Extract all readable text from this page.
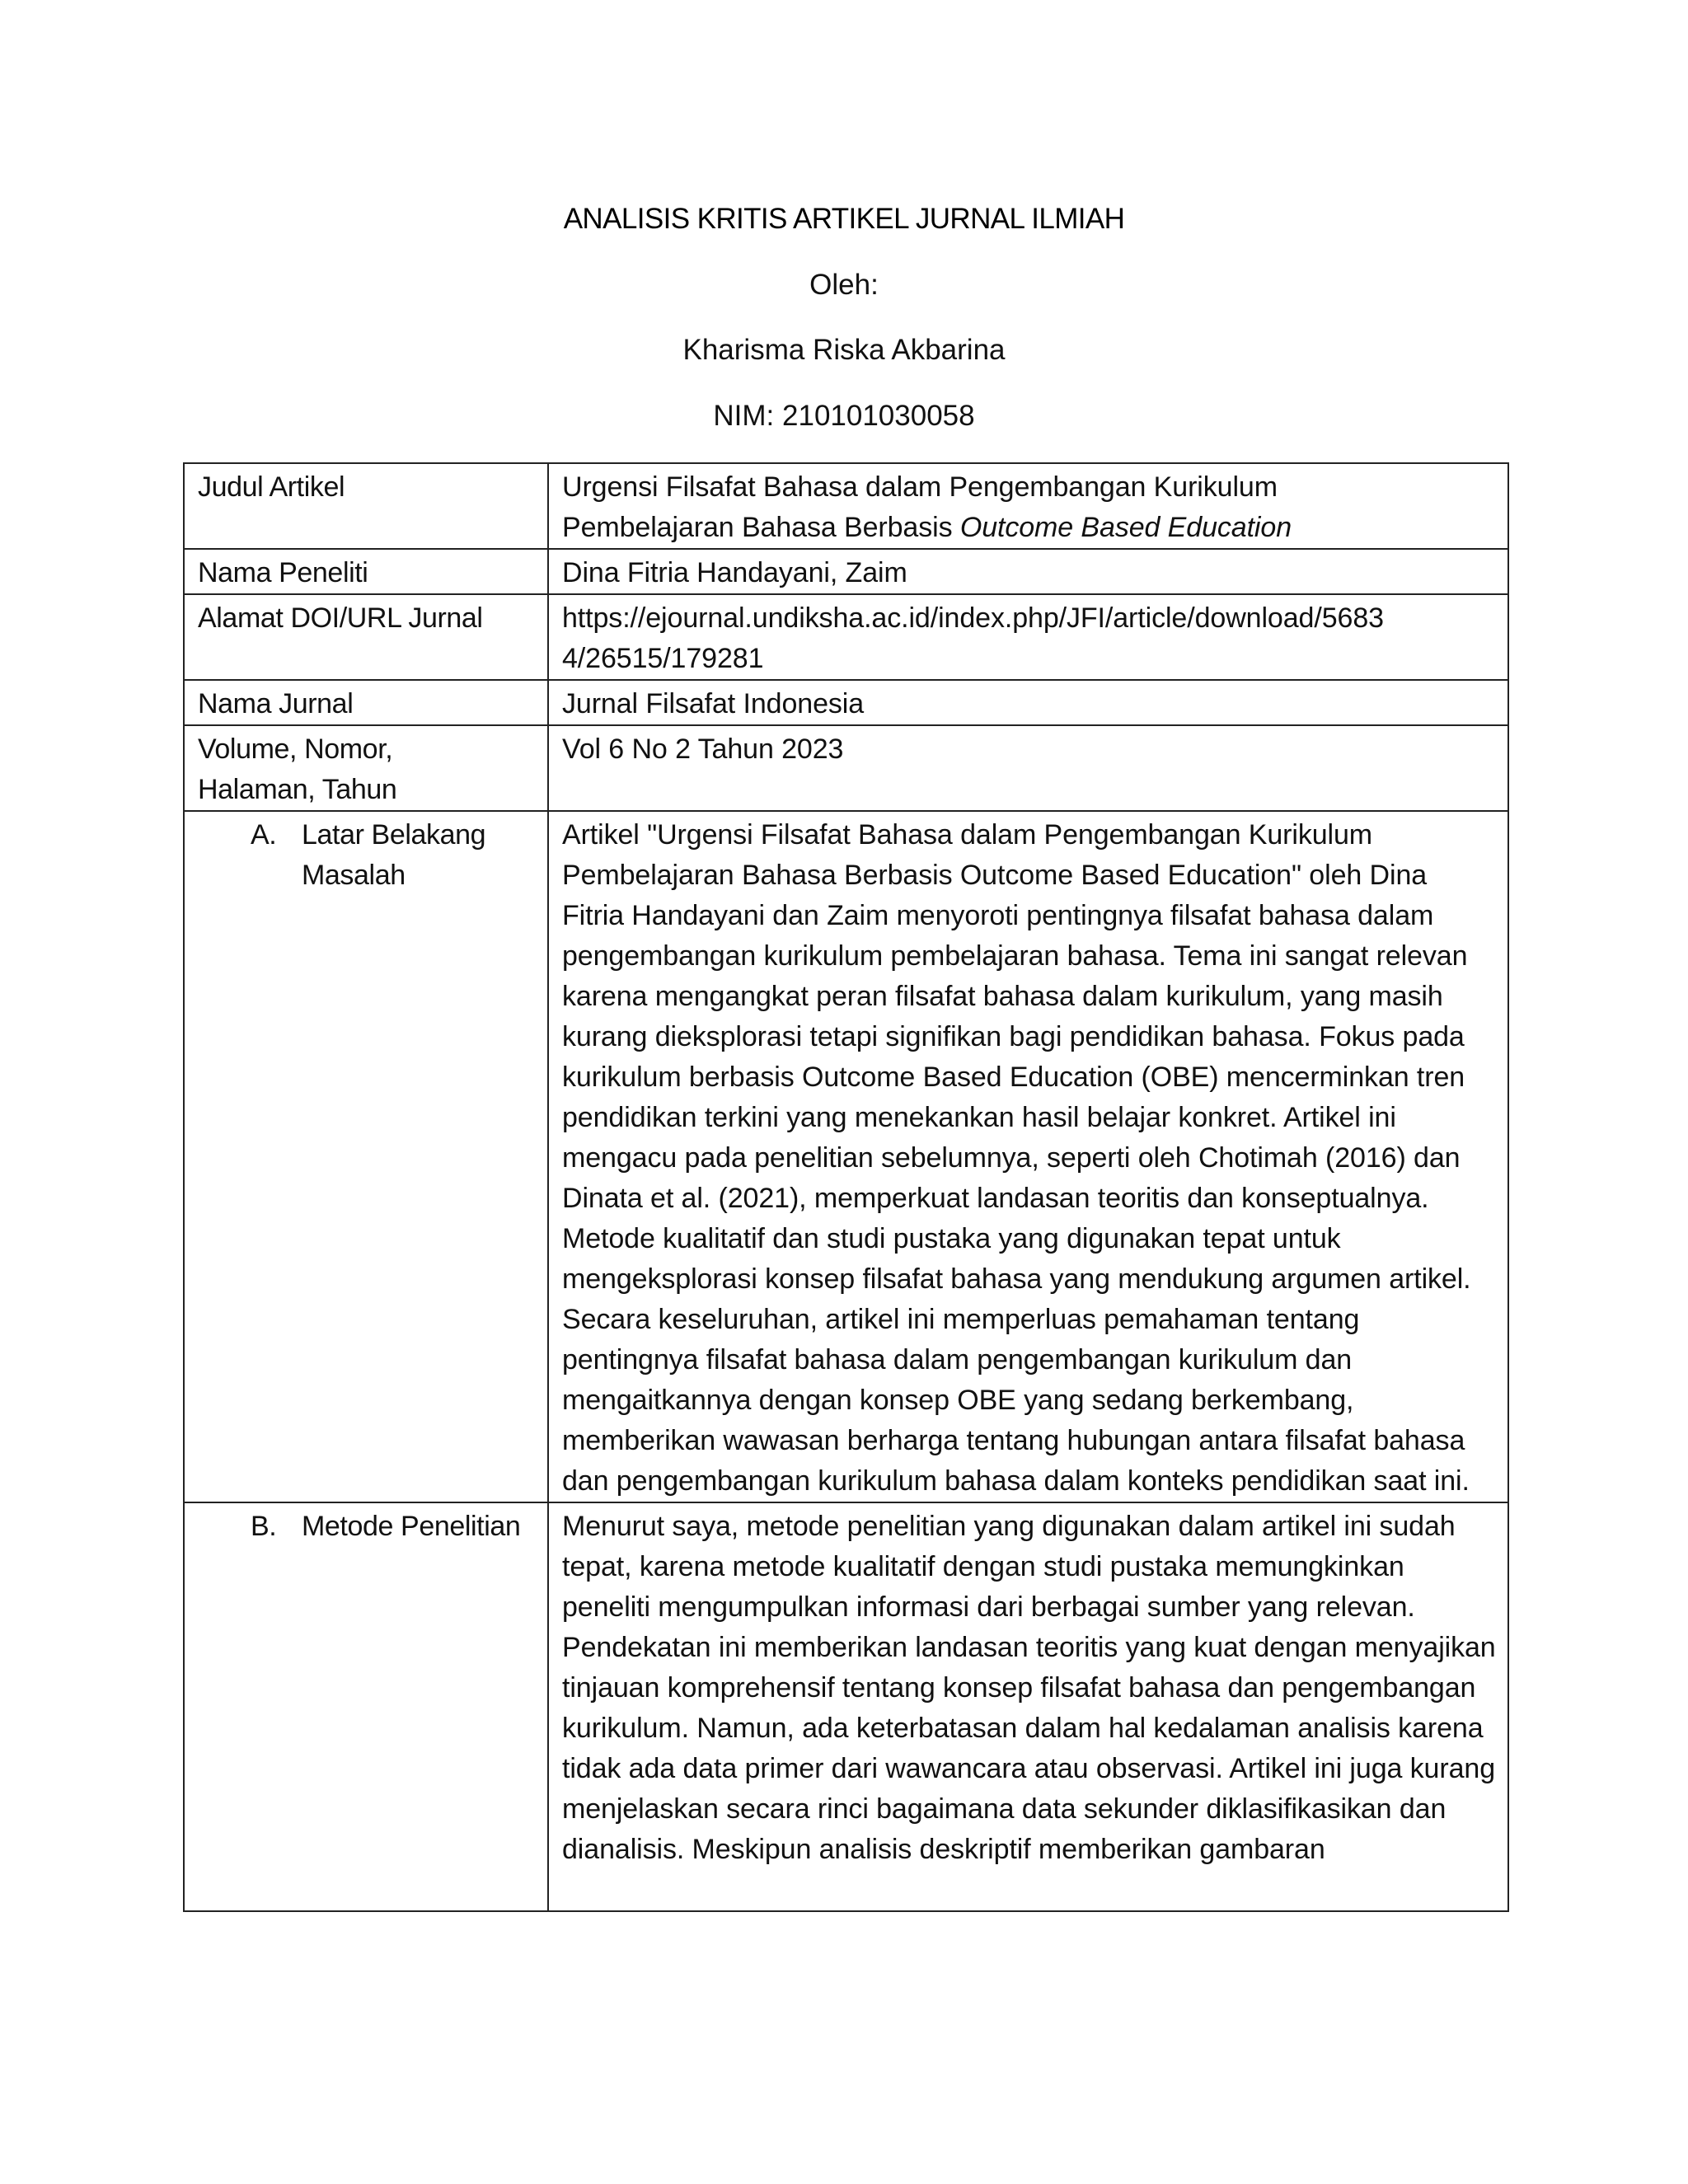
ANALISIS KRITIS ARTIKEL JURNAL ILMIAH
Oleh:
Kharisma Riska Akbarina
NIM: 210101030058
Judul Artikel	Urgensi Filsafat Bahasa dalam Pengembangan Kurikulum
Pembelajaran Bahasa Berbasis Outcome Based Education

Nama Peneliti	Dina Fitria Handayani, Zaim
Alamat DOI/URL Jurnal	https://ejournal.undiksha.ac.id/index.php/JFI/article/download/5683
4/26515/179281

Nama Jurnal	Jurnal Filsafat Indonesia

Volume, Nomor,
Halaman, Tahun	Vol 6 No 2 Tahun 2023

A. Latar Belakang Masalah	Artikel "Urgensi Filsafat Bahasa dalam Pengembangan Kurikulum Pembelajaran Bahasa Berbasis Outcome Based Education" oleh Dina Fitria Handayani dan Zaim menyoroti pentingnya filsafat bahasa dalam pengembangan kurikulum pembelajaran bahasa. Tema ini sangat relevan karena mengangkat peran filsafat bahasa dalam kurikulum, yang masih kurang dieksplorasi tetapi signifikan bagi pendidikan bahasa. Fokus pada kurikulum berbasis Outcome Based Education (OBE) mencerminkan tren pendidikan terkini yang menekankan hasil belajar konkret. Artikel ini mengacu pada penelitian sebelumnya, seperti oleh Chotimah (2016) dan Dinata et al. (2021), memperkuat landasan teoritis dan konseptualnya. Metode kualitatif dan studi pustaka yang digunakan tepat untuk mengeksplorasi konsep filsafat bahasa yang mendukung argumen artikel. Secara keseluruhan, artikel ini memperluas pemahaman tentang pentingnya filsafat bahasa dalam pengembangan kurikulum dan mengaitkannya dengan konsep OBE yang sedang berkembang, memberikan wawasan berharga tentang hubungan antara filsafat bahasa dan pengembangan kurikulum bahasa dalam konteks pendidikan saat ini.

B. Metode Penelitian	Menurut saya, metode penelitian yang digunakan dalam artikel ini sudah tepat, karena metode kualitatif dengan studi pustaka memungkinkan peneliti mengumpulkan informasi dari berbagai sumber yang relevan. Pendekatan ini memberikan landasan teoritis yang kuat dengan menyajikan tinjauan komprehensif tentang konsep filsafat bahasa dan pengembangan kurikulum. Namun, ada keterbatasan dalam hal kedalaman analisis karena tidak ada data primer dari wawancara atau observasi. Artikel ini juga kurang menjelaskan secara rinci bagaimana data sekunder diklasifikasikan dan dianalisis. Meskipun analisis deskriptif memberikan gambaran
